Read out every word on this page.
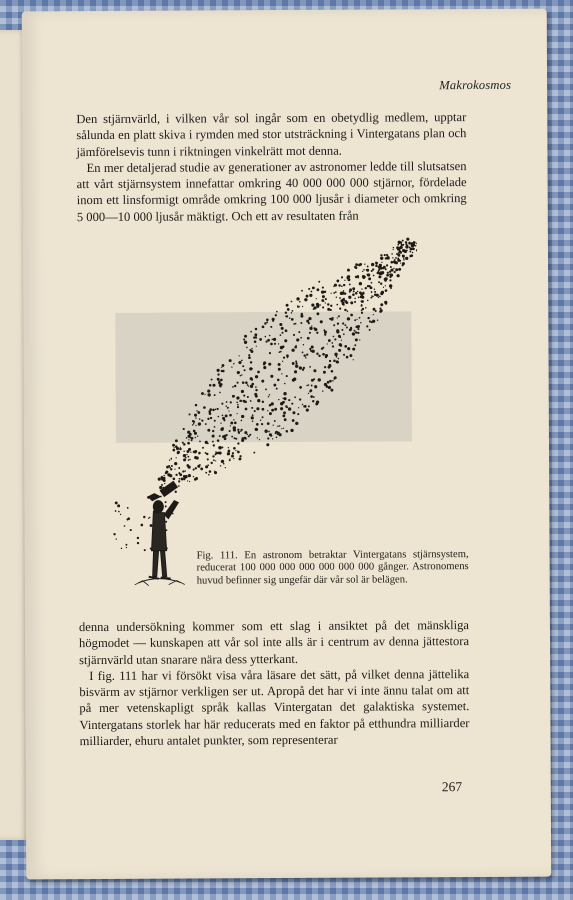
Makrokosmos

Den stjärnvärld, i vilken vår sol ingår som en obetydlig medlem, upptar sålunda en platt skiva i rymden med stor utsträckning i Vintergatans plan och jämförelsevis tunn i riktningen vinkelrätt mot denna.

En mer detaljerad studie av generationer av astronomer ledde till slutsatsen att vårt stjärnsystem innefattar omkring 40 000 000 000 stjärnor, fördelade inom ett linsformigt område omkring 100 000 ljusår i diameter och omkring 5 000—10 000 ljusår mäktigt. Och ett av resultaten från

Fig. 111. En astronom betraktar Vintergatans stjärnsystem, reducerat 100 000 000 000 000 000 000 gånger. Astronomens huvud befinner sig ungefär där vår sol är belägen.

denna undersökning kommer som ett slag i ansiktet på det mänskliga högmodet — kunskapen att vår sol inte alls är i centrum av denna jättestora stjärnvärld utan snarare nära dess ytterkant.

I fig. 111 har vi försökt visa våra läsare det sätt, på vilket denna jättelika bisvärm av stjärnor verkligen ser ut. Apropå det har vi inte ännu talat om att på mer vetenskapligt språk kallas Vintergatan det galaktiska systemet. Vintergatans storlek har här reducerats med en faktor på etthundra milliarder milliarder, ehuru antalet punkter, som representerar

267
